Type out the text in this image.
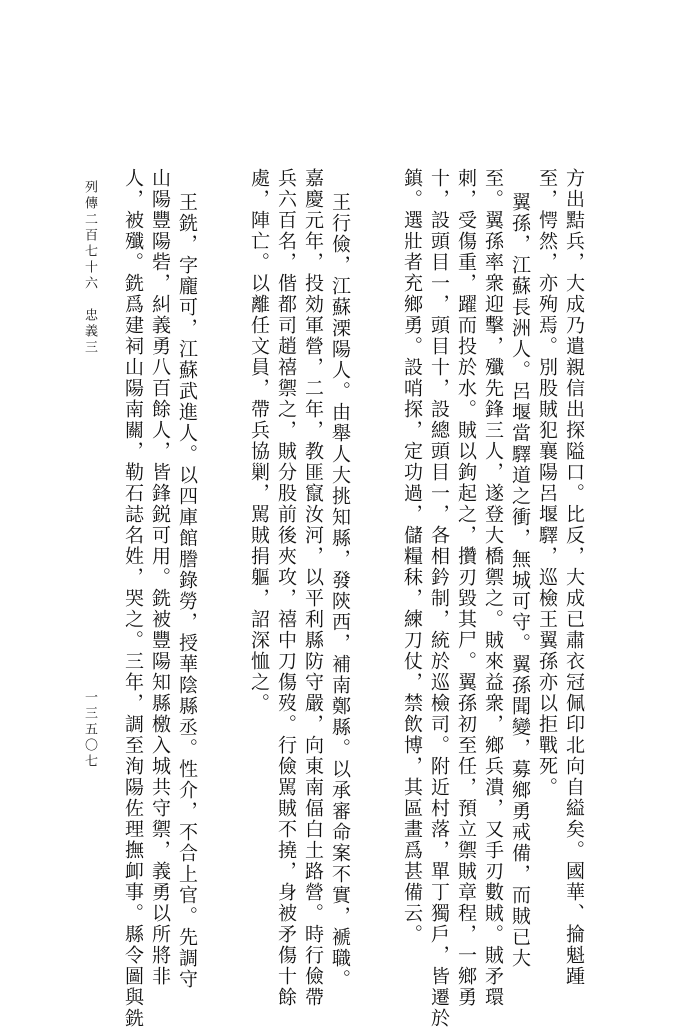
方出黠兵，大成乃遣親信出探隘口。比反，大成已肅衣冠佩印北向自縊矣。國華、掄魁踵
至，愕然，亦殉焉。別股賊犯襄陽呂堰驛，巡檢王翼孫亦以拒戰死。
翼孫，江蘇長洲人。呂堰當驛道之衝，無城可守。翼孫聞變，募鄉勇戒備，而賊已大
至。翼孫率衆迎擊，殲先鋒三人，遂登大橋禦之。賊來益衆，鄉兵潰，又手刃數賊。賊矛環
刺，受傷重，躍而投於水。賊以鉤起之，攢刃毀其尸。翼孫初至任，預立禦賊章程，一鄉勇
十，設頭目一，頭目十，設總頭目一，各相鈐制，統於巡檢司。附近村落，單丁獨戶，皆遷於
鎮。選壯者充鄉勇。設哨探，定功過，儲糧秣，練刀仗，禁飲博，其區畫爲甚備云。
王行儉，江蘇溧陽人。由舉人大挑知縣，發陝西，補南鄭縣。以承審命案不實，褫職。
嘉慶元年，投効軍營，二年，教匪竄汝河，以平利縣防守嚴，向東南偪白土路營。時行儉帶
兵六百名，偕都司趙禧禦之，賊分股前後夾攻，禧中刀傷歿。行儉駡賊不撓，身被矛傷十餘
處，陣亡。以離任文員，帶兵協剿，駡賊捐軀，詔深恤之。
王銑，字龐可，江蘇武進人。以四庫館謄錄勞，授華陰縣丞。性介，不合上官。先調守
山陽豐陽砦，糾義勇八百餘人，皆鋒鋭可用。銑被豐陽知縣檄入城共守禦，義勇以所將非
人，被殲。銑爲建祠山陽南關，勒石誌名姓，哭之。三年，調至洵陽佐理撫卹事。縣令圖與銑
列傳二百七十六　忠義三
一三五〇七
